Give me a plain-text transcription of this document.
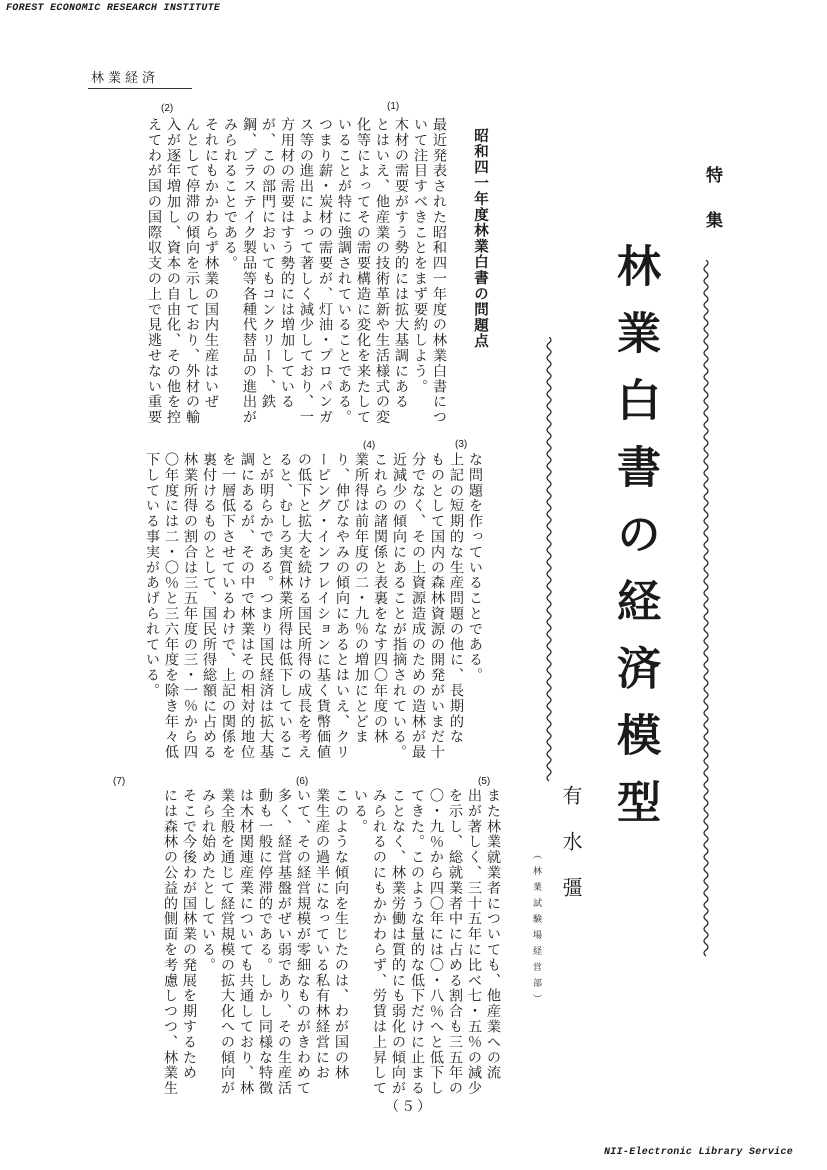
FOREST ECONOMIC RESEARCH INSTITUTE
林業経済
特集
林業白書の経済模型
有水彊
（林業試験場経営部）
昭和四一年度林業白書の問題点
(1)
(2)
(3)
(4)
(5)
(6)
(7)
最近発表された昭和四一年度の林業白書につ
いて注目すべきことをまず要約しよう。
木材の需要がすう勢的には拡大基調にある
とはいえ、他産業の技術革新や生活様式の変
化等によってその需要構造に変化を来たして
いることが特に強調されていることである。
つまり薪・炭材の需要が、灯油・プロパンガ
ス等の進出によって著しく減少しており、一
方用材の需要はすう勢的には増加している
が、この部門においてもコンクリート、鉄
鋼、プラステイク製品等各種代替品の進出が
みられることである。
それにもかかわらず林業の国内生産はいぜ
んとして停滞の傾向を示しており、外材の輸
入が逐年増加し、資本の自由化、その他を控
えてわが国の国際収支の上で見逃せない重要
な問題を作っていることである。
上記の短期的な生産問題の他に、長期的な
ものとして国内の森林資源の開発がいまだ十
分でなく、その上資源造成のための造林が最
近減少の傾向にあることが指摘されている。
これらの諸関係と表裏をなす四〇年度の林
業所得は前年度の二・九％の増加にとどま
り、伸びなやみの傾向にあるとはいえ、クリ
ーピング・インフレイションに基く貨幣価値
の低下と拡大を続ける国民所得の成長を考え
ると、むしろ実質林業所得は低下しているこ
とが明らかである。つまり国民経済は拡大基
調にあるが、その中で林業はその相対的地位
を一層低下させているわけで、上記の関係を
裏付けるものとして、国民所得総額に占める
林業所得の割合は三五年度の三・一％から四
〇年度には二・〇％と三六年度を除き年々低
下している事実があげられている。
また林業就業者についても、他産業への流
出が著しく、三十五年に比べ七・五％の減少
を示し、総就業者中に占める割合も三五年の
〇・九％から四〇年には〇・八％へと低下し
てきた。このような量的な低下だけに止まる
ことなく、林業労働は質的にも弱化の傾向が
みられるのにもかかわらず、労賃は上昇して
いる。
このような傾向を生じたのは、わが国の林
業生産の過半になっている私有林経営にお
いて、その経営規模が零細なものがきわめて
多く、経営基盤がぜい弱であり、その生産活
動も一般に停滞的である。しかし同様な特徴
は木材関連産業についても共通しており、林
業全般を通じて経営規模の拡大化への傾向が
みられ始めたとしている。
そこで今後わが国林業の発展を期するため
には森林の公益的側面を考慮しつつ、林業生
（５）
NII-Electronic Library Service
